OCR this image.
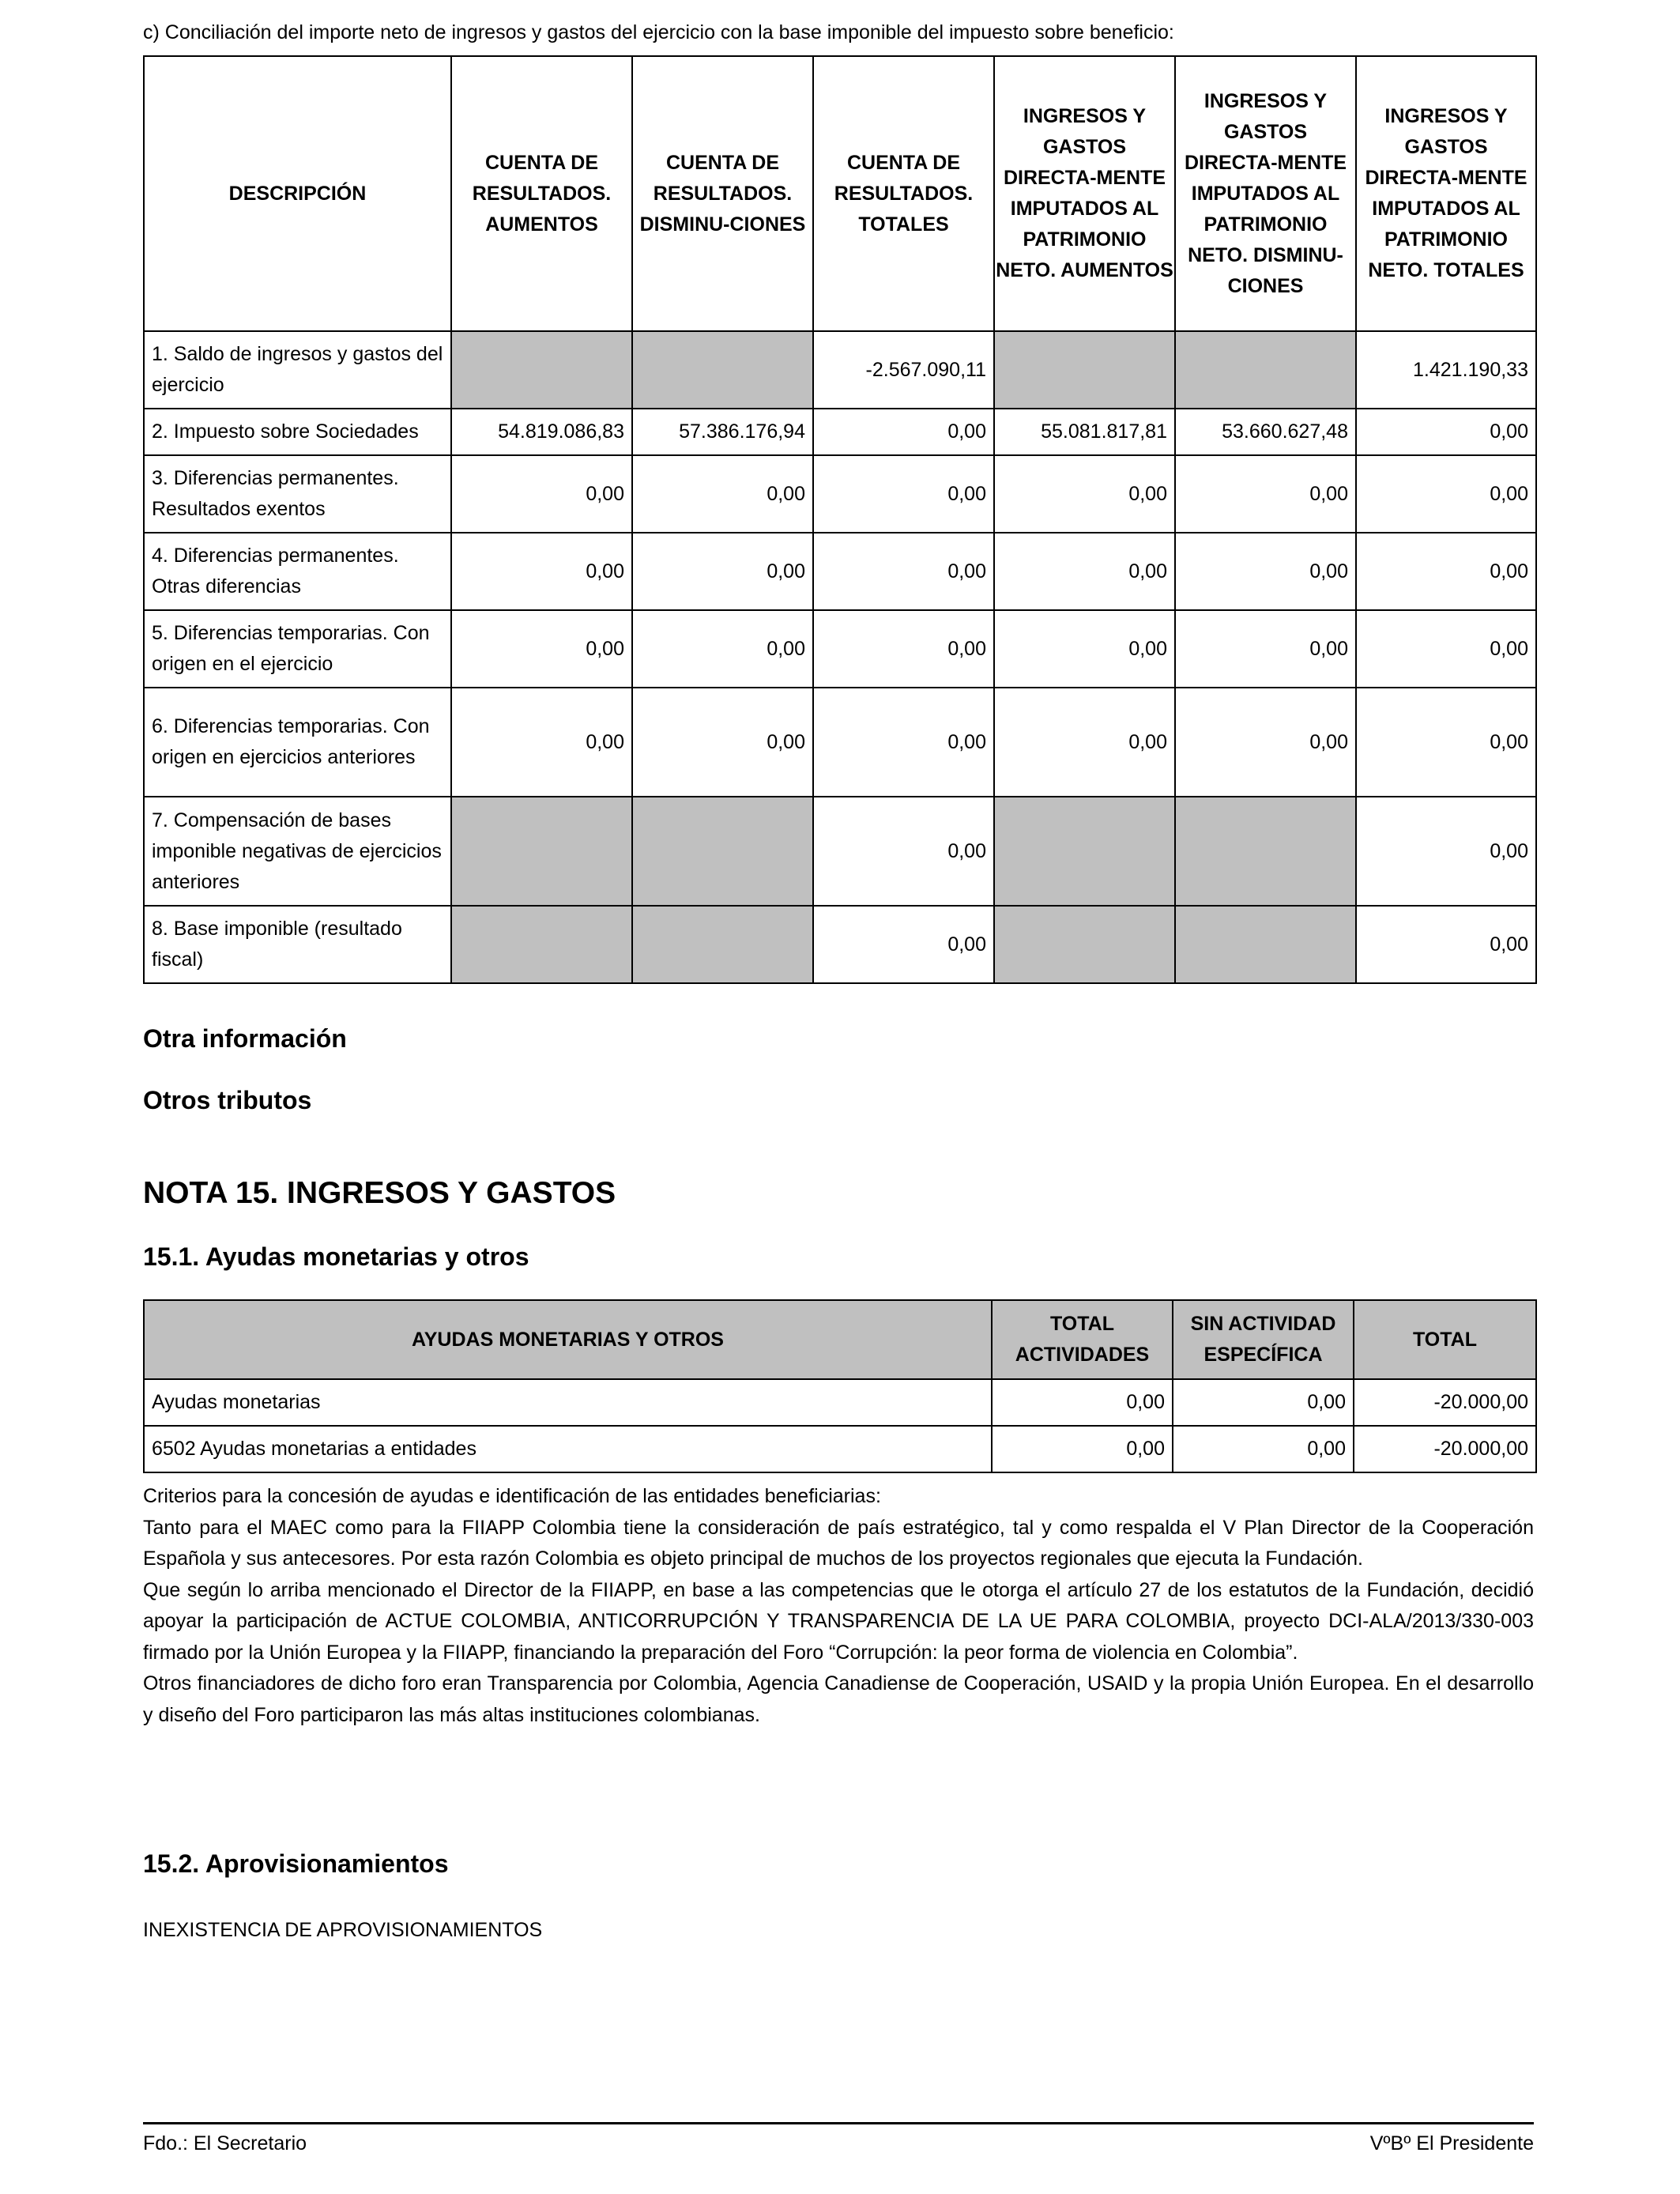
c) Conciliación del importe neto de ingresos y gastos del ejercicio con la base imponible del impuesto sobre beneficio:
DESCRIPCIÓN	CUENTA DE RESULTADOS. AUMENTOS	CUENTA DE RESULTADOS. DISMINU-CIONES	CUENTA DE RESULTADOS. TOTALES	INGRESOS Y GASTOS DIRECTA-MENTE IMPUTADOS AL PATRIMONIO NETO. AUMENTOS	INGRESOS Y GASTOS DIRECTA-MENTE IMPUTADOS AL PATRIMONIO NETO. DISMINU-CIONES	INGRESOS Y GASTOS DIRECTA-MENTE IMPUTADOS AL PATRIMONIO NETO. TOTALES
1. Saldo de ingresos y gastos del ejercicio			-2.567.090,11			1.421.190,33
2. Impuesto sobre Sociedades	54.819.086,83	57.386.176,94	0,00	55.081.817,81	53.660.627,48	0,00
3. Diferencias permanentes. Resultados exentos	0,00	0,00	0,00	0,00	0,00	0,00
4. Diferencias permanentes. Otras diferencias	0,00	0,00	0,00	0,00	0,00	0,00
5. Diferencias temporarias. Con origen en el ejercicio	0,00	0,00	0,00	0,00	0,00	0,00
6. Diferencias temporarias. Con origen en ejercicios anteriores	0,00	0,00	0,00	0,00	0,00	0,00
7. Compensación de bases imponible negativas de ejercicios anteriores			0,00			0,00
8. Base imponible (resultado fiscal)			0,00			0,00
Otra información
Otros tributos
NOTA 15. INGRESOS Y GASTOS
15.1. Ayudas monetarias y otros
AYUDAS MONETARIAS Y OTROS	TOTAL ACTIVIDADES	SIN ACTIVIDAD ESPECÍFICA	TOTAL
Ayudas monetarias	0,00	0,00	-20.000,00
6502 Ayudas monetarias a entidades	0,00	0,00	-20.000,00

Criterios para la concesión de ayudas e identificación de las entidades beneficiarias:

Tanto para el MAEC como para la FIIAPP Colombia tiene la consideración de país estratégico, tal y como respalda el V Plan Director de la Cooperación Española y sus antecesores. Por esta razón Colombia es objeto principal de muchos de los proyectos regionales que ejecuta la Fundación.

Que según lo arriba mencionado el Director de la FIIAPP, en base a las competencias que le otorga el artículo 27 de los estatutos de la Fundación, decidió apoyar la participación de ACTUE COLOMBIA, ANTICORRUPCIÓN Y TRANSPARENCIA DE LA UE PARA COLOMBIA, proyecto DCI-ALA/2013/330-003 firmado por la Unión Europea y la FIIAPP, financiando la preparación del Foro “Corrupción: la peor forma de violencia en Colombia”.

Otros financiadores de dicho foro eran Transparencia por Colombia, Agencia Canadiense de Cooperación, USAID y la propia Unión Europea. En el desarrollo y diseño del Foro participaron las más altas instituciones colombianas.

15.2. Aprovisionamientos
INEXISTENCIA DE APROVISIONAMIENTOS
Fdo.: El Secretario	VºBº El Presidente
